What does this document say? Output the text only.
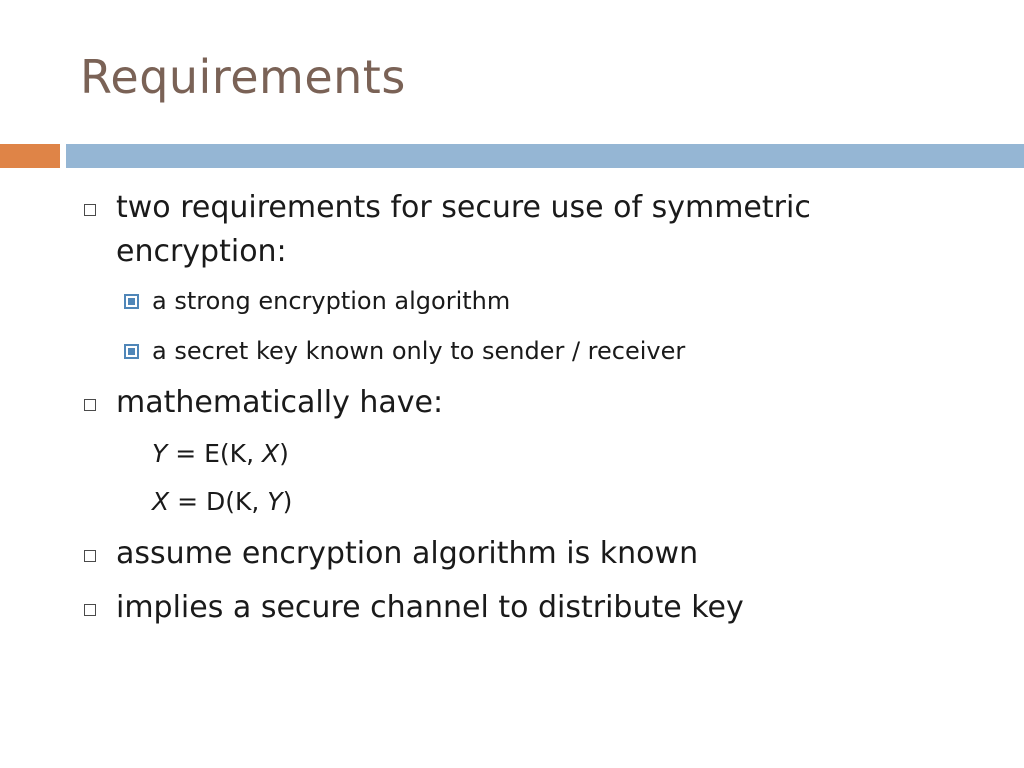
Requirements
two requirements for secure use of symmetric
encryption:
a strong encryption algorithm
a secret key known only to sender / receiver
mathematically have:
Y = E(K, X)
X = D(K, Y)
assume encryption algorithm is known
implies a secure channel to distribute key
